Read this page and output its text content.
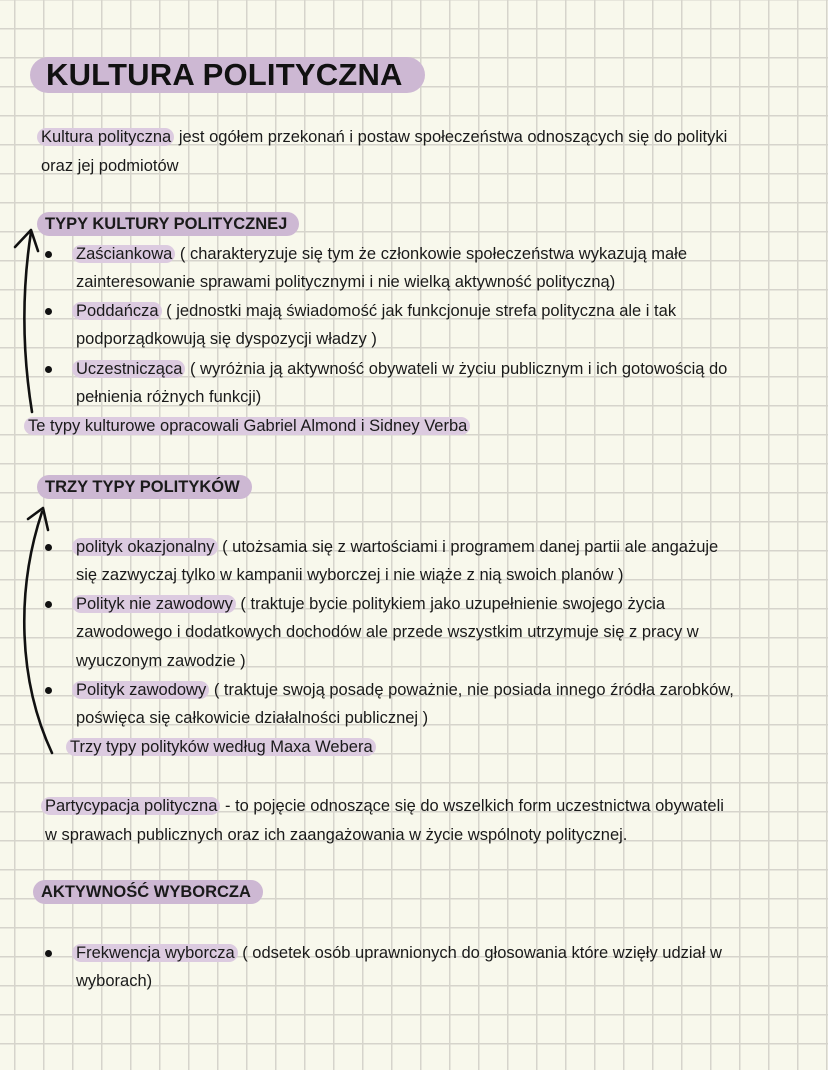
KULTURA POLITYCZNA
Kultura polityczna jest ogółem przekonań i postaw społeczeństwa odnoszących się do polityki
oraz jej podmiotów
TYPY KULTURY POLITYCZNEJ
Zaściankowa ( charakteryzuje się tym że członkowie społeczeństwa wykazują małe
zainteresowanie sprawami politycznymi i nie wielką aktywność polityczną)
Poddańcza ( jednostki mają świadomość jak funkcjonuje strefa polityczna ale i tak
podporządkowują się dyspozycji władzy )
Uczestnicząca ( wyróżnia ją aktywność obywateli w życiu publicznym i ich gotowością do
pełnienia różnych funkcji)
Te typy kulturowe opracowali Gabriel Almond i Sidney Verba
TRZY TYPY POLITYKÓW
polityk okazjonalny ( utożsamia się z wartościami i programem danej partii ale angażuje
się zazwyczaj tylko w kampanii wyborczej i nie wiąże z nią swoich planów )
Polityk nie zawodowy ( traktuje bycie politykiem jako uzupełnienie swojego życia
zawodowego i dodatkowych dochodów ale przede wszystkim utrzymuje się z pracy w
wyuczonym zawodzie )
Polityk zawodowy ( traktuje swoją posadę poważnie, nie posiada innego źródła zarobków,
poświęca się całkowicie działalności publicznej )
Trzy typy polityków według Maxa Webera
Partycypacja polityczna - to pojęcie odnoszące się do wszelkich form uczestnictwa obywateli
w sprawach publicznych oraz ich zaangażowania w życie wspólnoty politycznej.
AKTYWNOŚĆ WYBORCZA
Frekwencja wyborcza ( odsetek osób uprawnionych do głosowania które wzięły udział w
wyborach)
